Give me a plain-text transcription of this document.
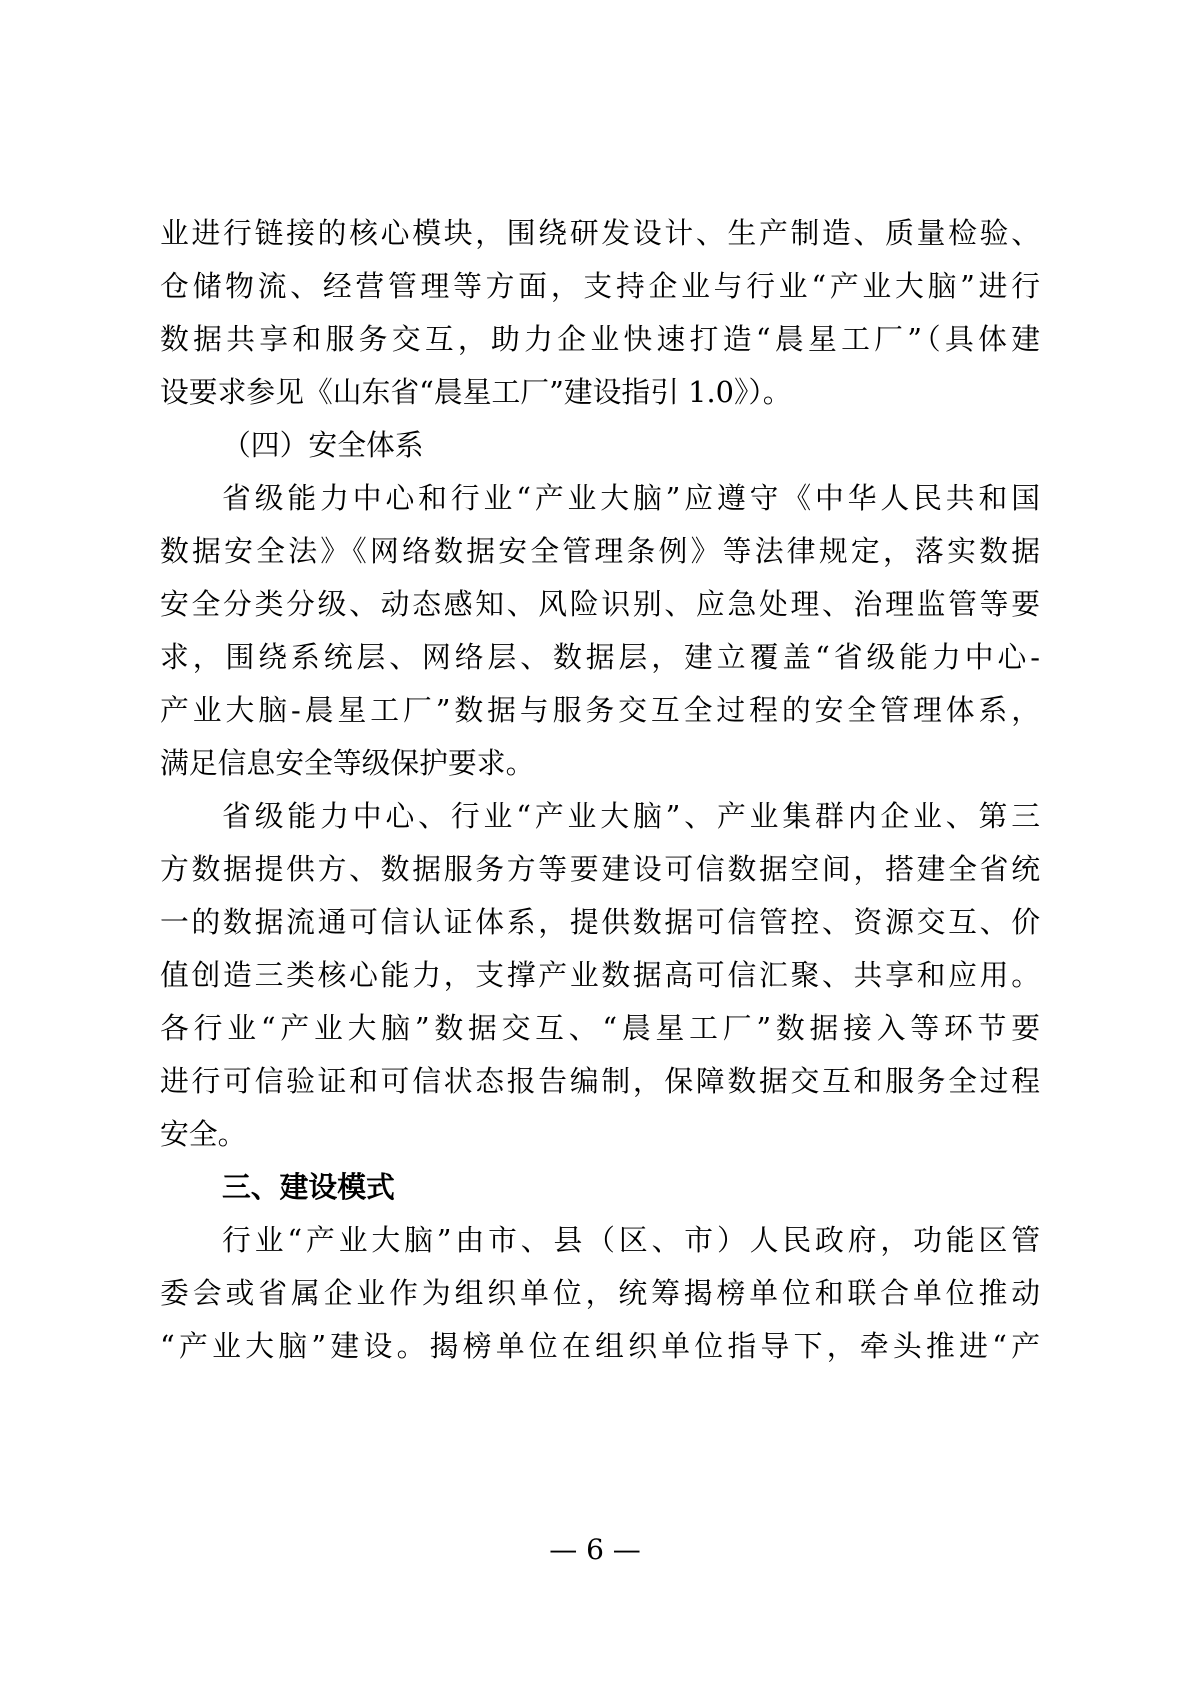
业进行链接的核心模块，围绕研发设计、生产制造、质量检验、
仓储物流、经营管理等方面，支持企业与行业“产业大脑”进行
数据共享和服务交互，助力企业快速打造“晨星工厂”（具体建
设要求参见《山东省“晨星工厂”建设指引 1.0》）。
（四）安全体系
省级能力中心和行业“产业大脑”应遵守《中华人民共和国
数据安全法》《网络数据安全管理条例》等法律规定，落实数据
安全分类分级、动态感知、风险识别、应急处理、治理监管等要
求，围绕系统层、网络层、数据层，建立覆盖“省级能力中心-
产业大脑-晨星工厂”数据与服务交互全过程的安全管理体系，
满足信息安全等级保护要求。
省级能力中心、行业“产业大脑”、产业集群内企业、第三
方数据提供方、数据服务方等要建设可信数据空间，搭建全省统
一的数据流通可信认证体系，提供数据可信管控、资源交互、价
值创造三类核心能力，支撑产业数据高可信汇聚、共享和应用。
各行业“产业大脑”数据交互、“晨星工厂”数据接入等环节要
进行可信验证和可信状态报告编制，保障数据交互和服务全过程
安全。
三、建设模式
行业“产业大脑”由市、县（区、市）人民政府，功能区管
委会或省属企业作为组织单位，统筹揭榜单位和联合单位推动
“产业大脑”建设。揭榜单位在组织单位指导下，牵头推进“产
— 6 —
